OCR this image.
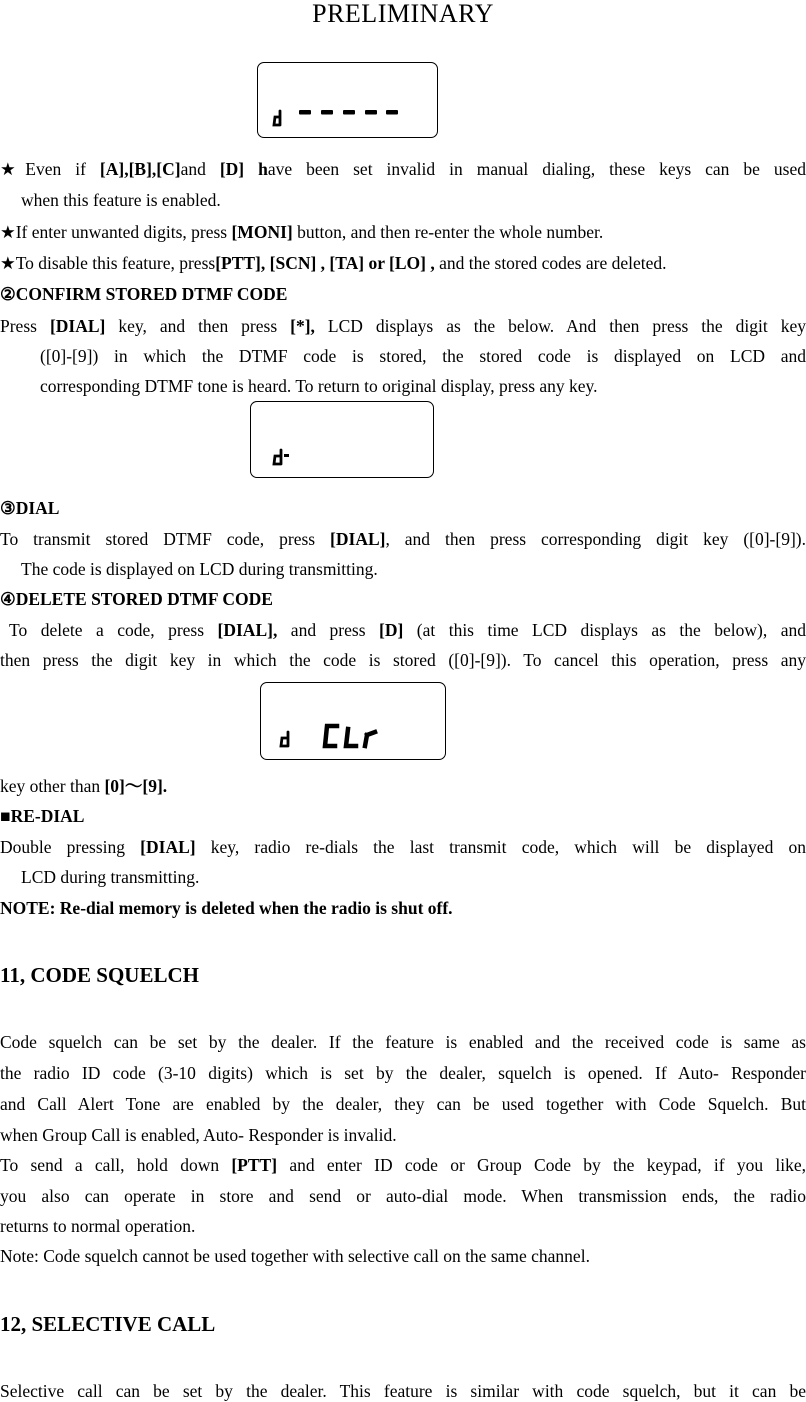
PRELIMINARY
★Even if [A],[B],[C]and [D] have been set invalid in manual dialing, these keys can be used
when this feature is enabled.
★If enter unwanted digits, press [MONI] button, and then re-enter the whole number.
★To disable this feature, press[PTT], [SCN] , [TA] or [LO] , and the stored codes are deleted.
②CONFIRM STORED DTMF CODE
Press [DIAL] key, and then press [*], LCD displays as the below. And then press the digit key
([0]-[9]) in which the DTMF code is stored, the stored code is displayed on LCD and
corresponding DTMF tone is heard. To return to original display, press any key.
③DIAL
To transmit stored DTMF code, press [DIAL], and then press corresponding digit key ([0]-[9]).
The code is displayed on LCD during transmitting.
④DELETE STORED DTMF CODE
To delete a code, press [DIAL], and press [D] (at this time LCD displays as the below), and
then press the digit key in which the code is stored ([0]-[9]). To cancel this operation, press any
key other than [0]～[9].
■RE-DIAL
Double pressing [DIAL] key, radio re-dials the last transmit code, which will be displayed on
LCD during transmitting.
NOTE: Re-dial memory is deleted when the radio is shut off.
11, CODE SQUELCH
Code squelch can be set by the dealer. If the feature is enabled and the received code is same as
the radio ID code (3-10 digits) which is set by the dealer, squelch is opened. If Auto- Responder
and Call Alert Tone are enabled by the dealer, they can be used together with Code Squelch. But
when Group Call is enabled, Auto- Responder is invalid.
To send a call, hold down [PTT] and enter ID code or Group Code by the keypad, if you like,
you also can operate in store and send or auto-dial mode. When transmission ends, the radio
returns to normal operation.
Note: Code squelch cannot be used together with selective call on the same channel.
12, SELECTIVE CALL
Selective call can be set by the dealer. This feature is similar with code squelch, but it can be
